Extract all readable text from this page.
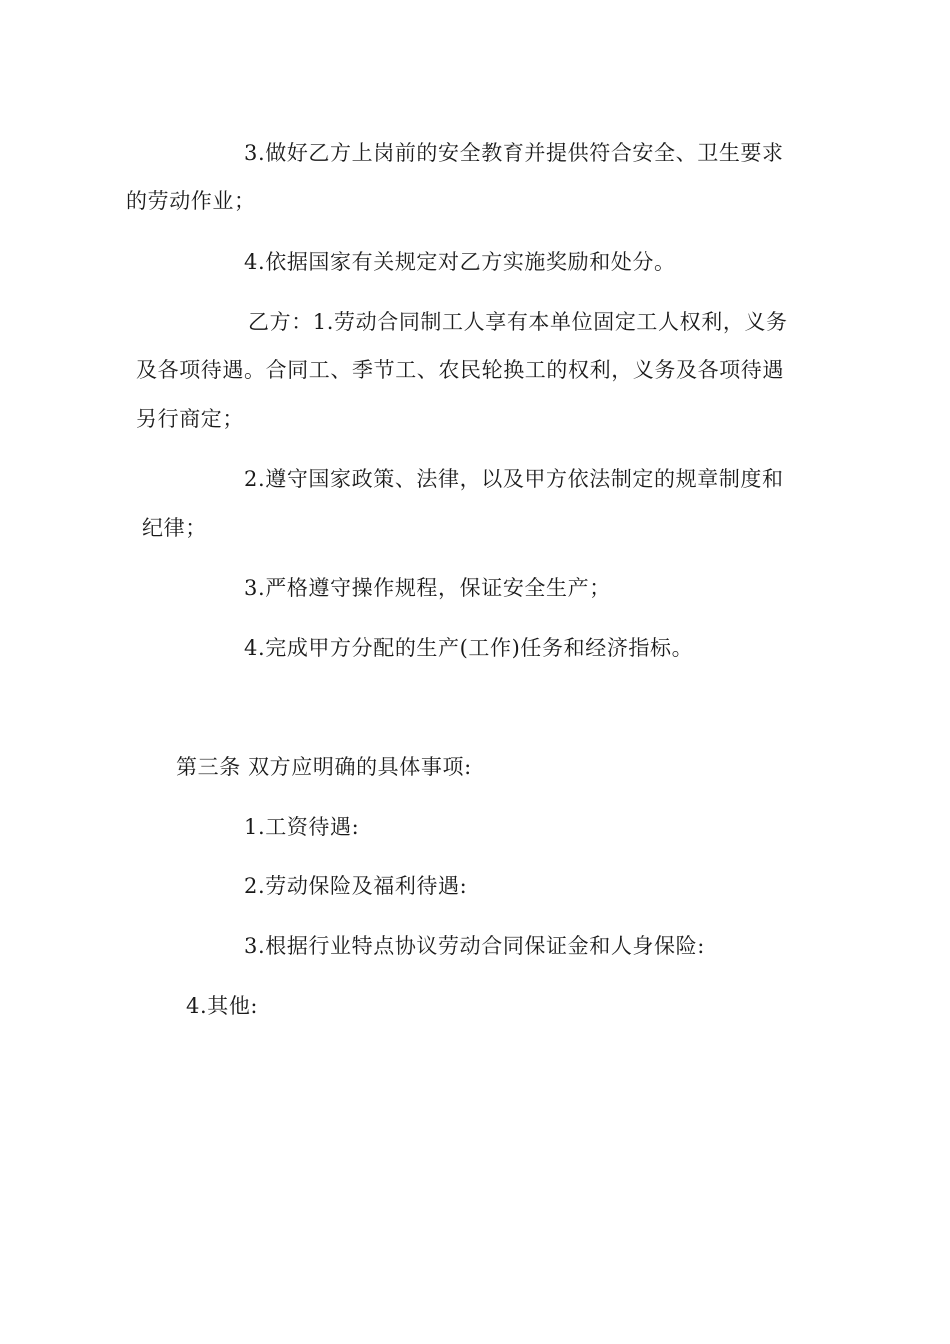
3.做好乙方上岗前的安全教育并提供符合安全、卫生要求
的劳动作业；
4.依据国家有关规定对乙方实施奖励和处分。
乙方：1.劳动合同制工人享有本单位固定工人权利，义务
及各项待遇。合同工、季节工、农民轮换工的权利，义务及各项待遇
另行商定；
2.遵守国家政策、法律，以及甲方依法制定的规章制度和
纪律；
3.严格遵守操作规程，保证安全生产；
4.完成甲方分配的生产(工作)任务和经济指标。
第三条 双方应明确的具体事项:
1.工资待遇:
2.劳动保险及福利待遇:
3.根据行业特点协议劳动合同保证金和人身保险:
4.其他:
